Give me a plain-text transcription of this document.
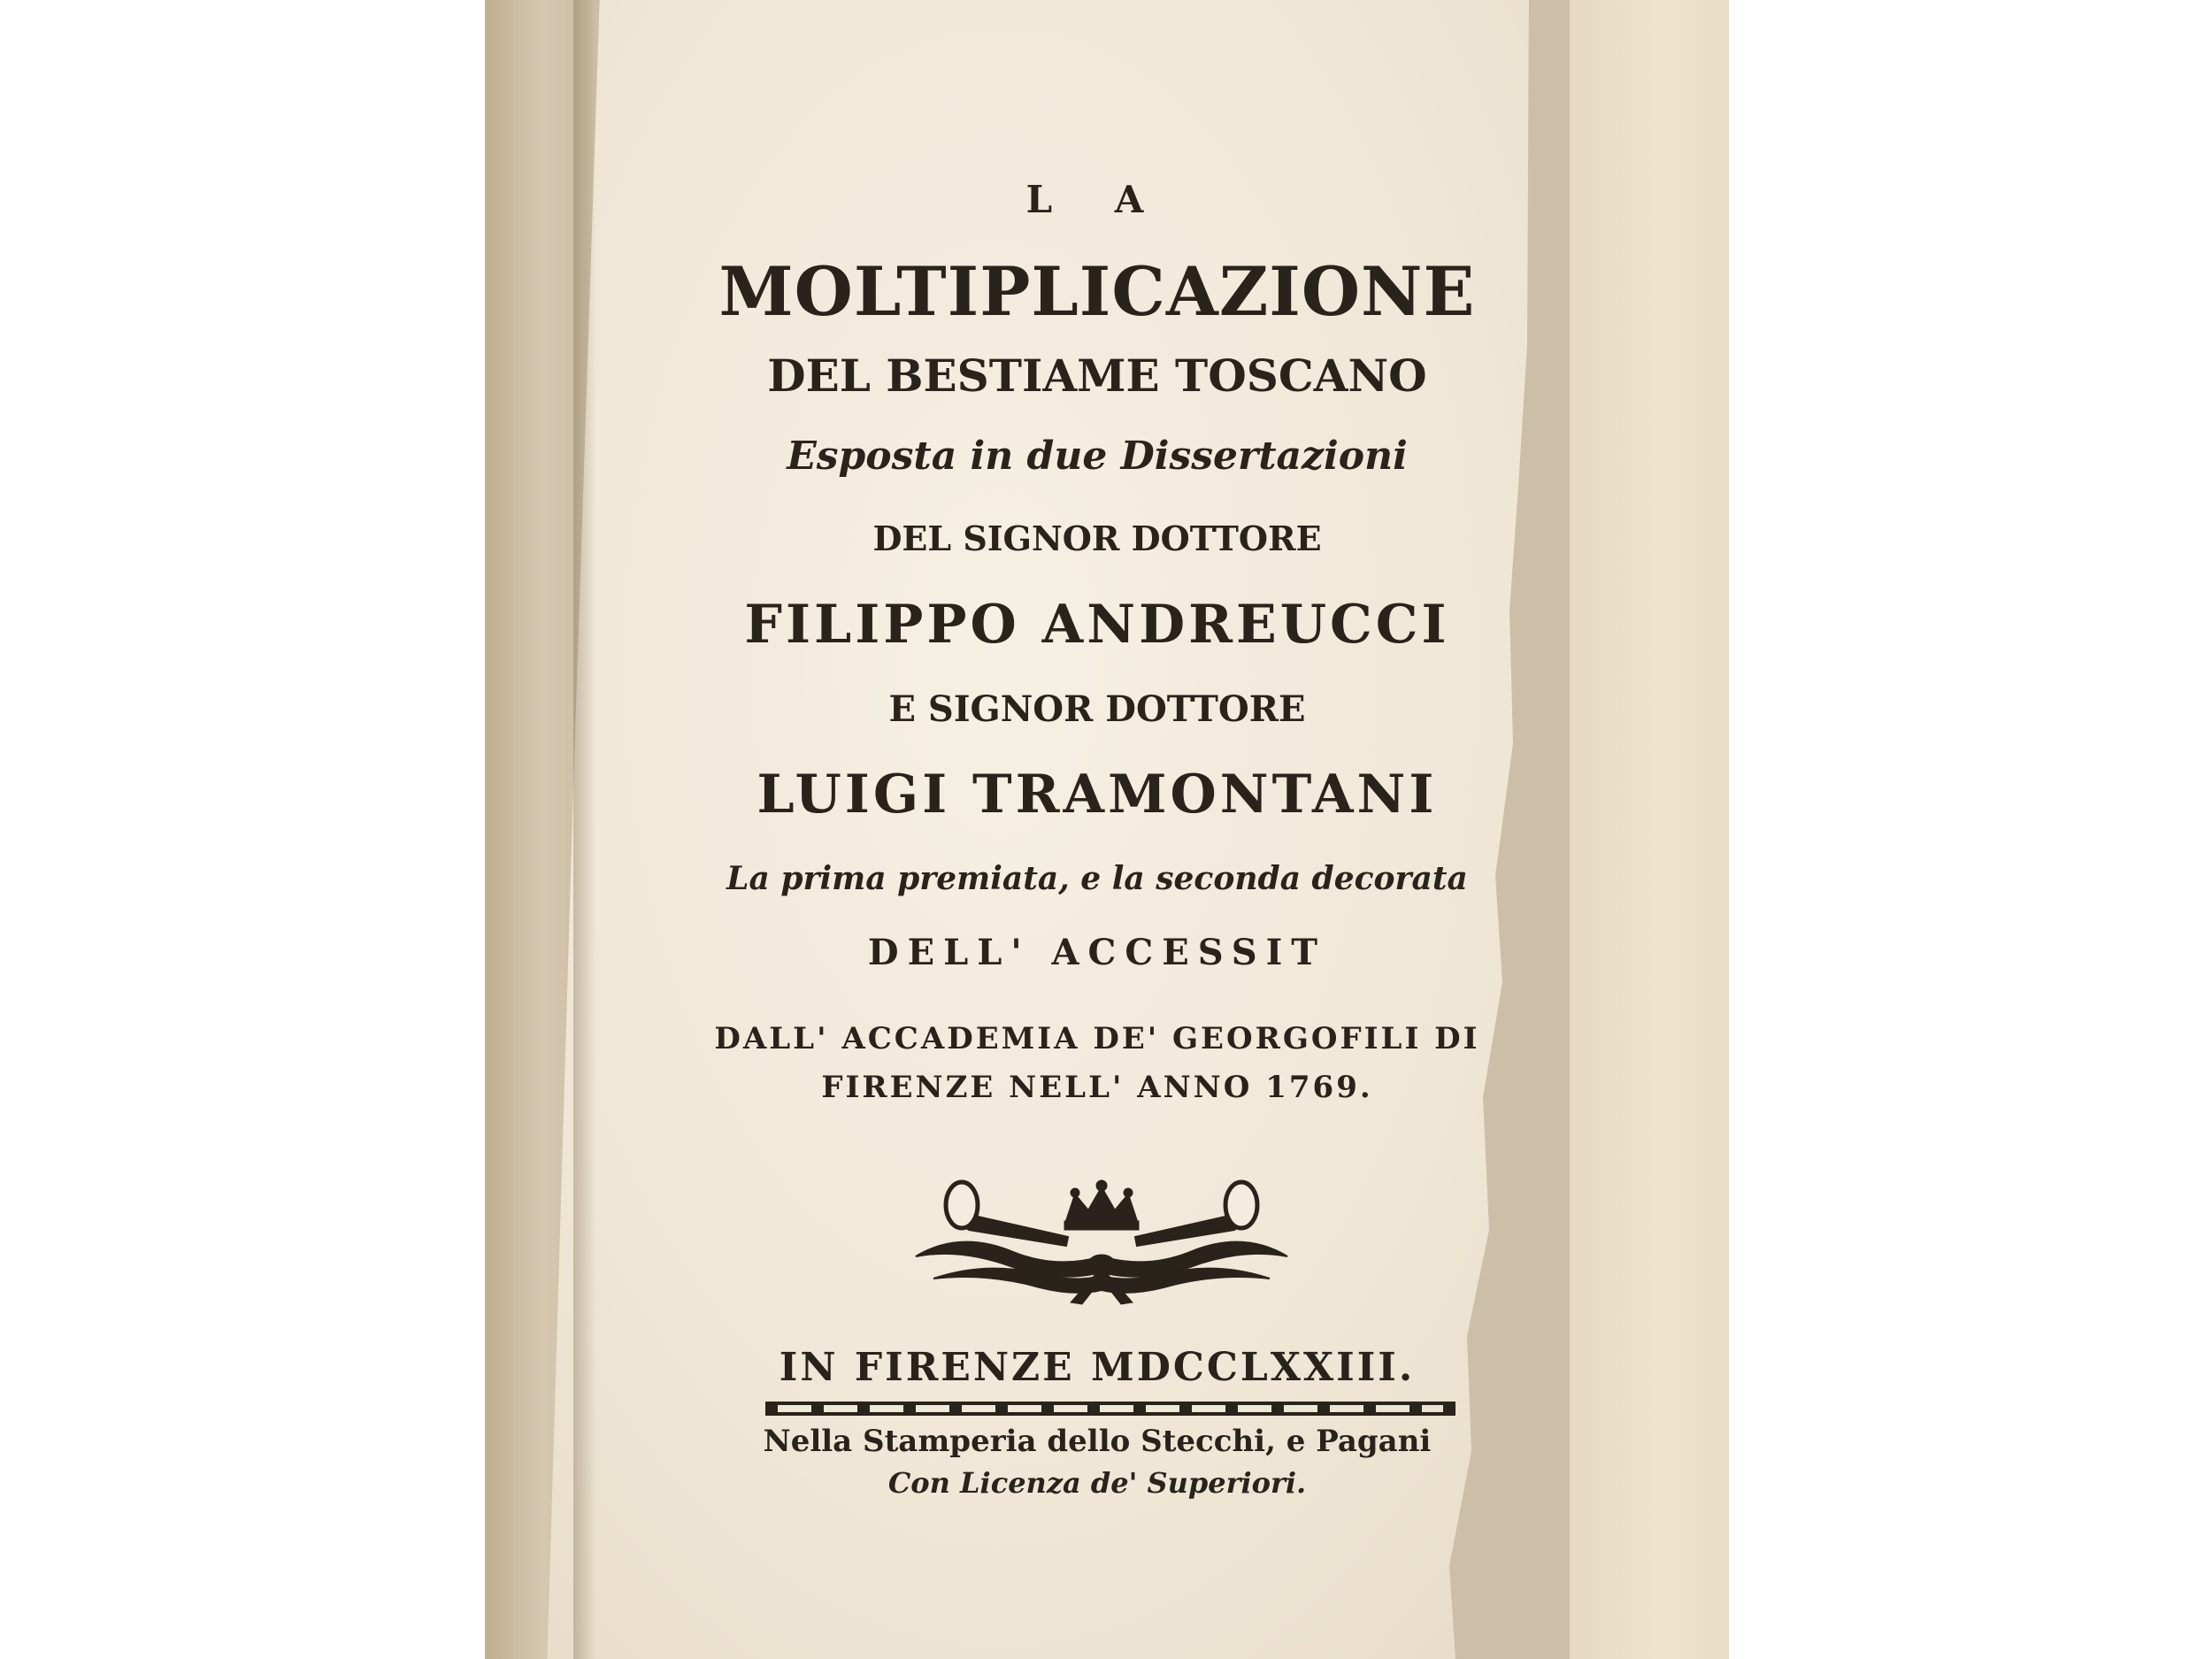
L A
MOLTIPLICAZIONE
DEL BESTIAME TOSCANO
Esposta in due Dissertazioni
DEL SIGNOR DOTTORE
FILIPPO ANDREUCCI
E SIGNOR DOTTORE
LUIGI TRAMONTANI
La prima premiata, e la seconda decorata
DELL' ACCESSIT
DALL' ACCADEMIA DE' GEORGOFILI DI
FIRENZE NELL' ANNO 1769.
IN FIRENZE MDCCLXXIII.
Nella Stamperia dello Stecchi, e Pagani
Con Licenza de' Superiori.
